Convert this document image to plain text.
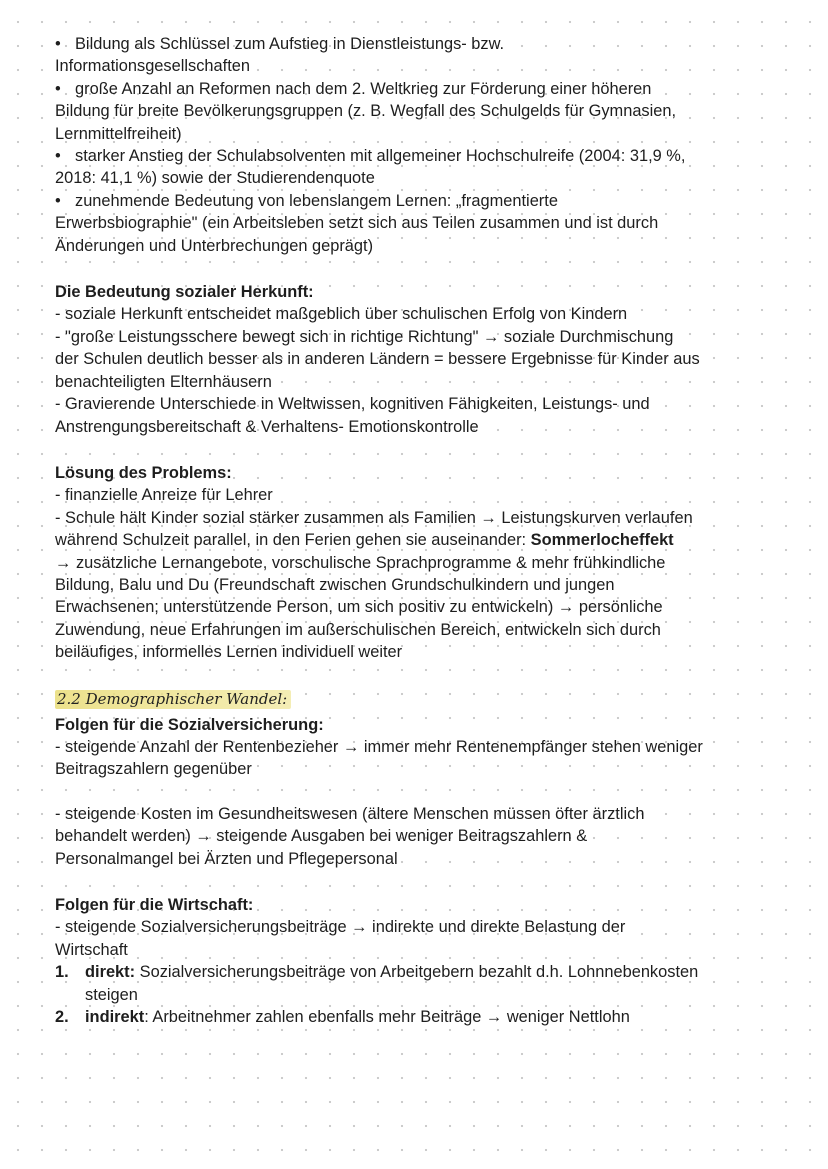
• Bildung als Schlüssel zum Aufstieg in Dienstleistungs- bzw.
Informationsgesellschaften
• große Anzahl an Reformen nach dem 2. Weltkrieg zur Förderung einer höheren
Bildung für breite Bevölkerungsgruppen (z. B. Wegfall des Schulgelds für Gymnasien,
Lernmittelfreiheit)
• starker Anstieg der Schulabsolventen mit allgemeiner Hochschulreife (2004: 31,9 %,
2018: 41,1 %) sowie der Studierendenquote
• zunehmende Bedeutung von lebenslangem Lernen: „fragmentierte
Erwerbsbiographie" (ein Arbeitsleben setzt sich aus Teilen zusammen und ist durch
Änderungen und Unterbrechungen geprägt)
Die Bedeutung sozialer Herkunft:
- soziale Herkunft entscheidet maßgeblich über schulischen Erfolg von Kindern
- "große Leistungsschere bewegt sich in richtige Richtung" → soziale Durchmischung
der Schulen deutlich besser als in anderen Ländern = bessere Ergebnisse für Kinder aus
benachteiligten Elternhäusern
- Gravierende Unterschiede in Weltwissen, kognitiven Fähigkeiten, Leistungs- und
Anstrengungsbereitschaft & Verhaltens- Emotionskontrolle
Lösung des Problems:
- finanzielle Anreize für Lehrer
- Schule hält Kinder sozial stärker zusammen als Familien → Leistungskurven verlaufen
während Schulzeit parallel, in den Ferien gehen sie auseinander: Sommerlocheffekt
→ zusätzliche Lernangebote, vorschulische Sprachprogramme & mehr frühkindliche
Bildung, Balu und Du (Freundschaft zwischen Grundschulkindern und jungen
Erwachsenen; unterstützende Person, um sich positiv zu entwickeln) → persönliche
Zuwendung, neue Erfahrungen im außerschulischen Bereich, entwickeln sich durch
beiläufiges, informelles Lernen individuell weiter
2.2 Demographischer Wandel:
Folgen für die Sozialversicherung:
- steigende Anzahl der Rentenbezieher → immer mehr Rentenempfänger stehen weniger
Beitragszahlern gegenüber
- steigende Kosten im Gesundheitswesen (ältere Menschen müssen öfter ärztlich
behandelt werden) → steigende Ausgaben bei weniger Beitragszahlern &
Personalmangel bei Ärzten und Pflegepersonal
Folgen für die Wirtschaft:
- steigende Sozialversicherungsbeiträge → indirekte und direkte Belastung der
Wirtschaft
1. direkt: Sozialversicherungsbeiträge von Arbeitgebern bezahlt d.h. Lohnnebenkosten
steigen
2. indirekt: Arbeitnehmer zahlen ebenfalls mehr Beiträge → weniger Nettlohn
